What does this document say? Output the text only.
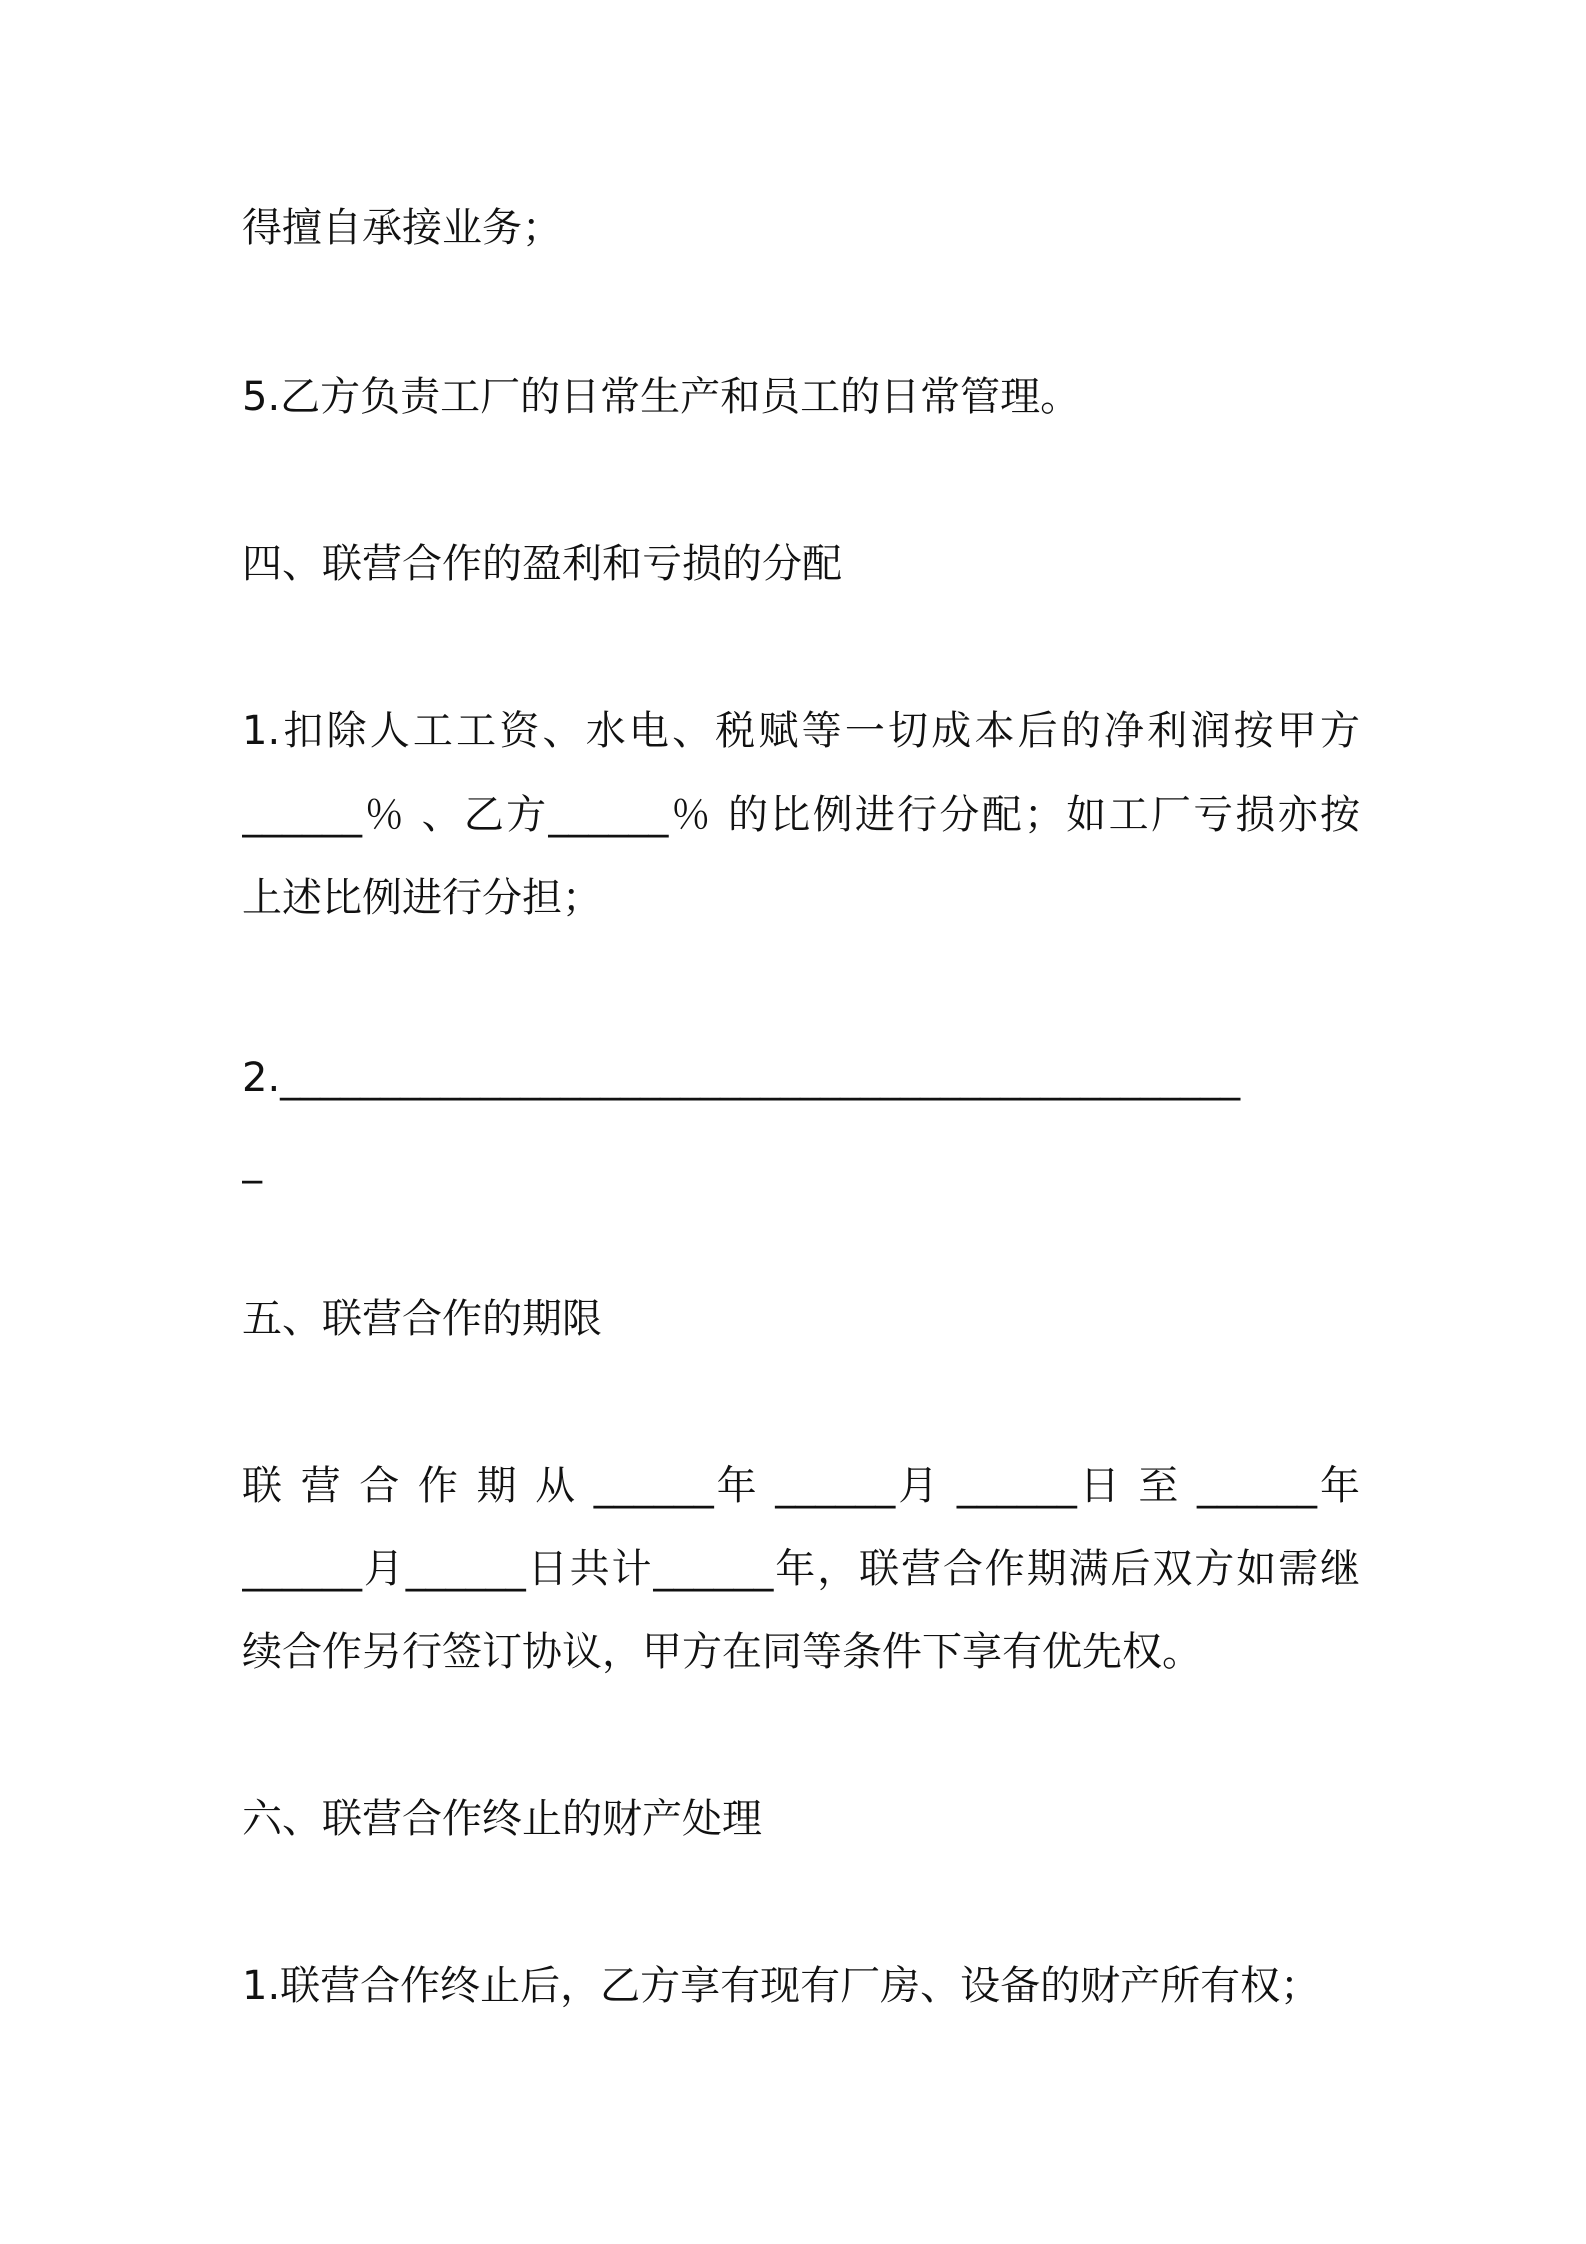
得擅自承接业务；
5.乙方负责工厂的日常生产和员工的日常管理。
四、联营合作的盈利和亏损的分配
1.扣除人工工资、水电、税赋等一切成本后的净利润按甲方
______％ 、乙方______％ 的比例进行分配；如工厂亏损亦按
上述比例进行分担；
2.________________________________________________
_
五、联营合作的期限
联 营 合 作 期 从 ______年 ______月 ______日 至 ______年
______月______日共计______年，联营合作期满后双方如需继
续合作另行签订协议，甲方在同等条件下享有优先权。
六、联营合作终止的财产处理
1.联营合作终止后，乙方享有现有厂房、设备的财产所有权；
